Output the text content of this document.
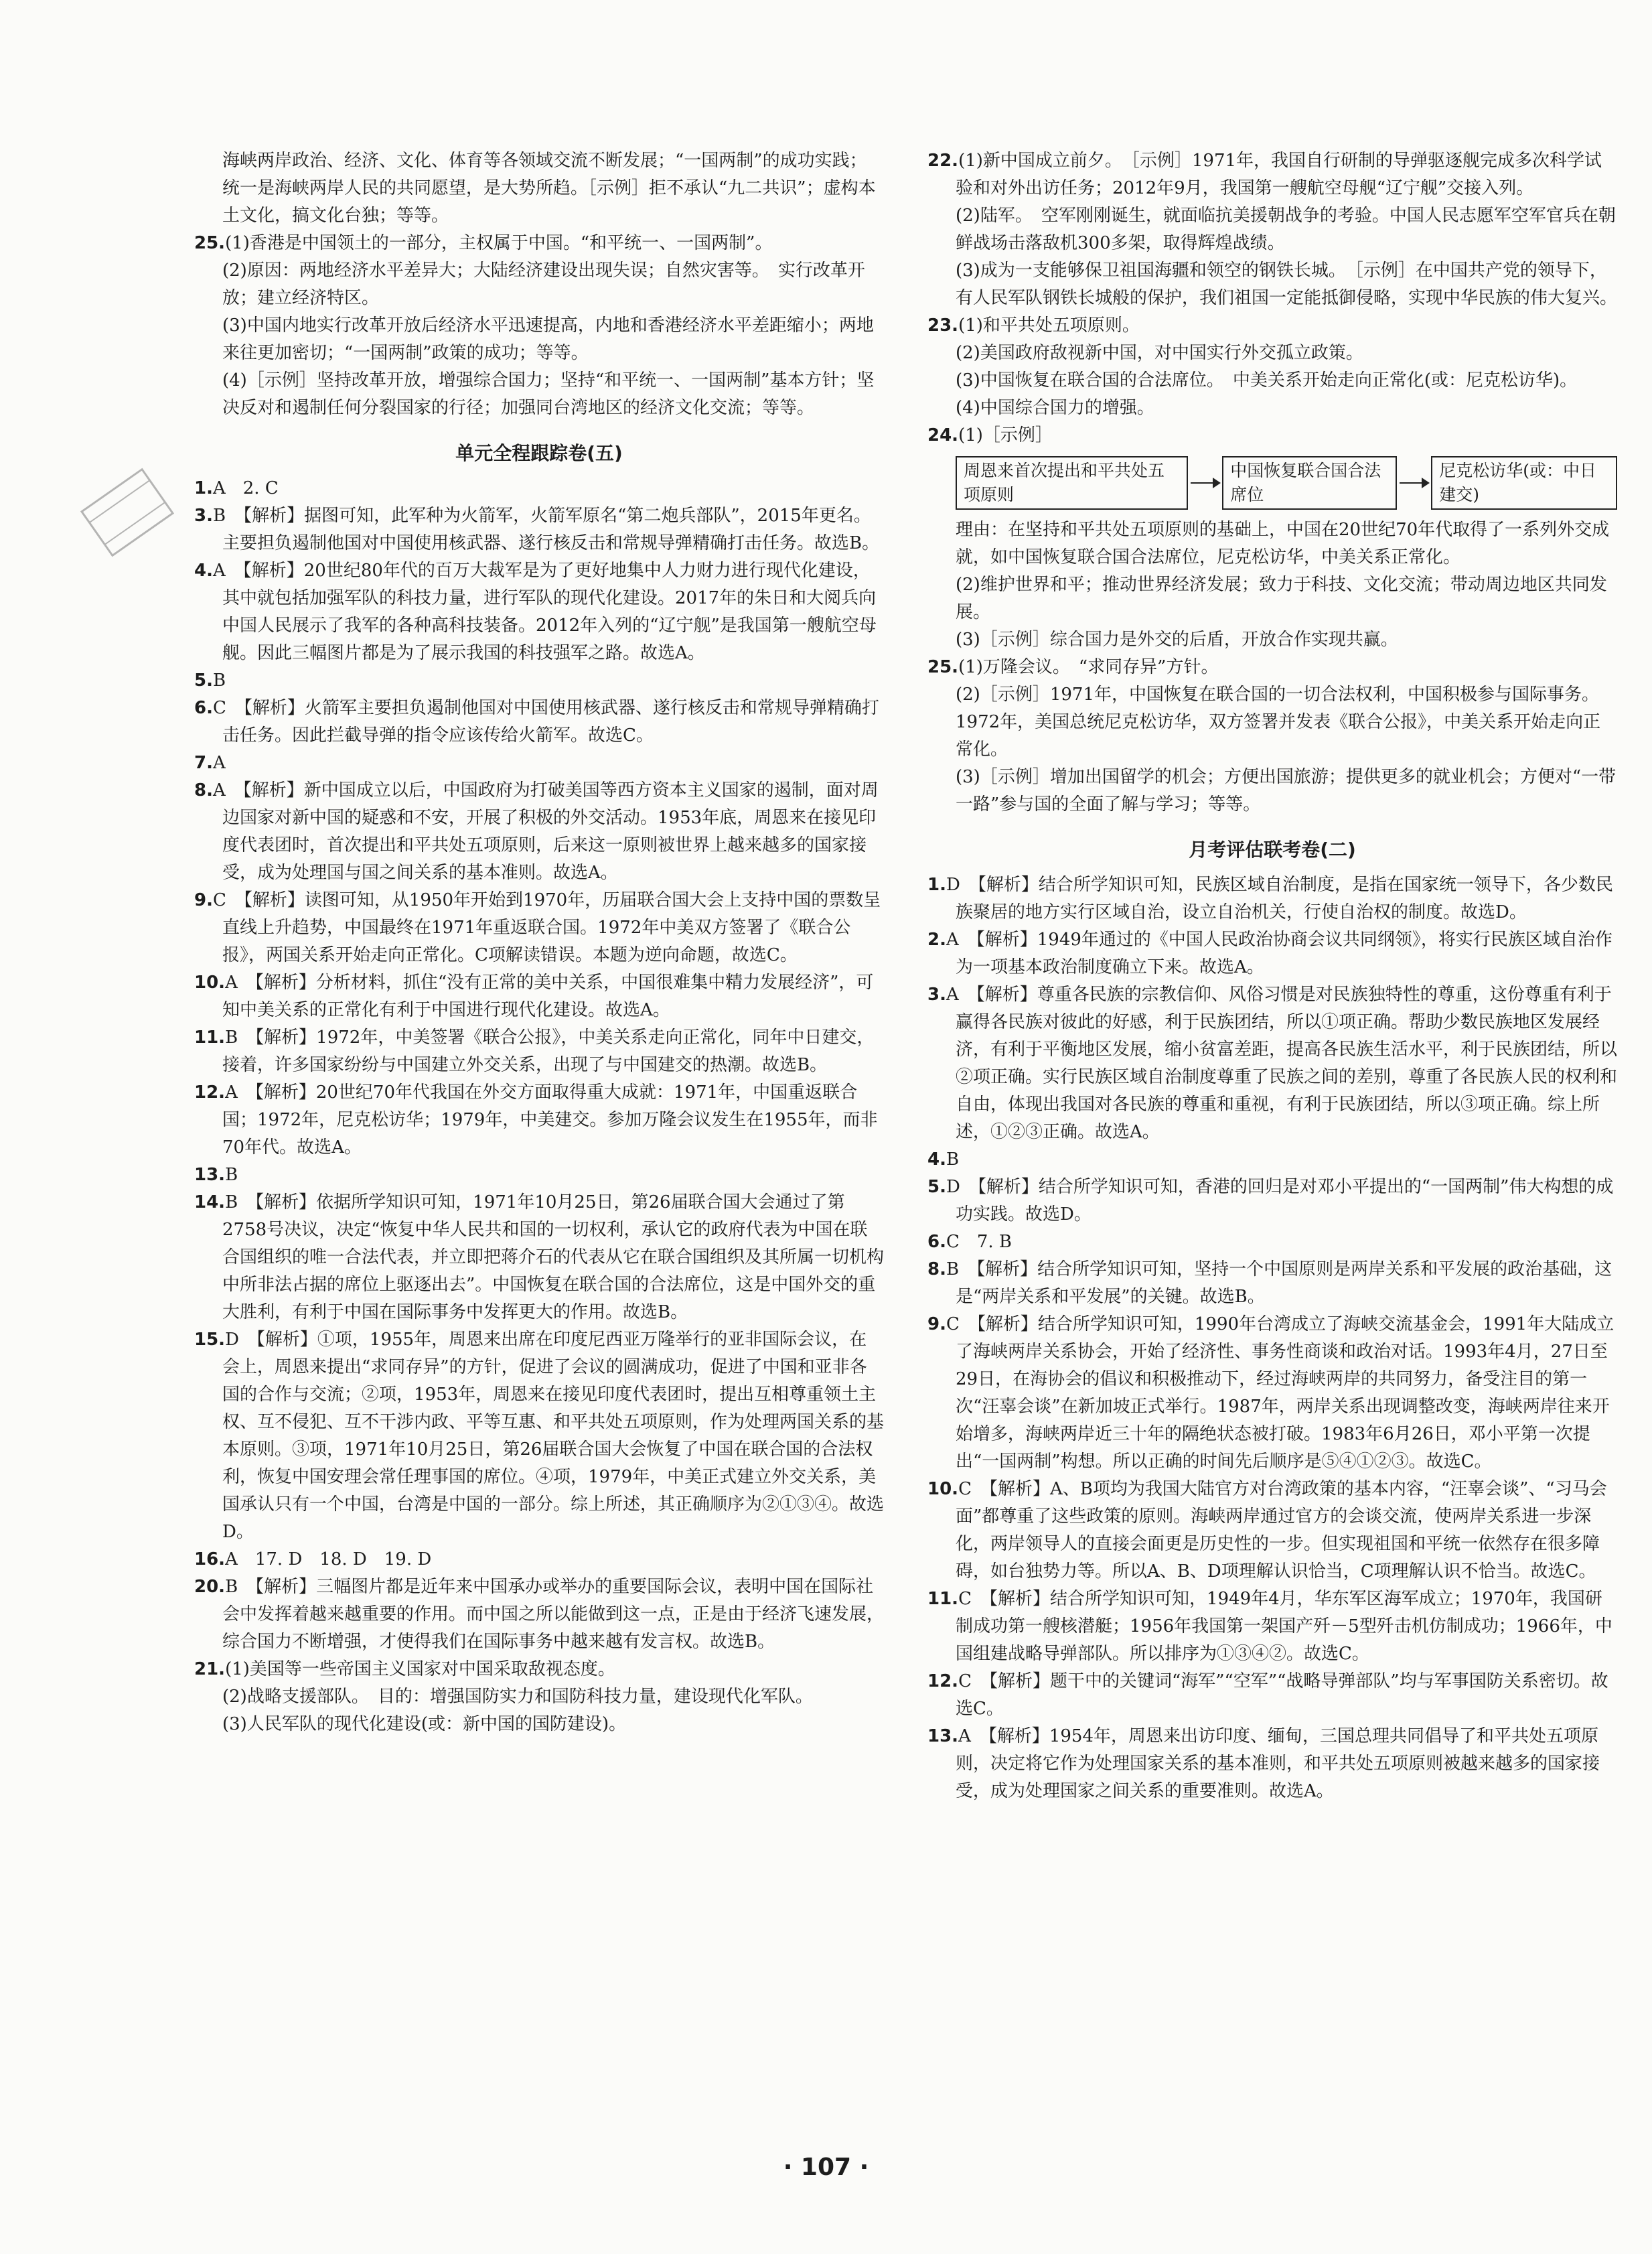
海峡两岸政治、经济、文化、体育等各领域交流不断发展；“一国两制”的成功实践；统一是海峡两岸人民的共同愿望，是大势所趋。［示例］拒不承认“九二共识”；虚构本土文化，搞文化台独；等等。

25.(1)香港是中国领土的一部分，主权属于中国。“和平统一、一国两制”。

(2)原因：两地经济水平差异大；大陆经济建设出现失误；自然灾害等。　实行改革开放；建立经济特区。

(3)中国内地实行改革开放后经济水平迅速提高，内地和香港经济水平差距缩小；两地来往更加密切；“一国两制”政策的成功；等等。

(4)［示例］坚持改革开放，增强综合国力；坚持“和平统一、一国两制”基本方针；坚决反对和遏制任何分裂国家的行径；加强同台湾地区的经济文化交流；等等。

单元全程跟踪卷(五)

1.A　2. C

3.B　【解析】据图可知，此军种为火箭军，火箭军原名“第二炮兵部队”，2015年更名。主要担负遏制他国对中国使用核武器、遂行核反击和常规导弹精确打击任务。故选B。

4.A　【解析】20世纪80年代的百万大裁军是为了更好地集中人力财力进行现代化建设，其中就包括加强军队的科技力量，进行军队的现代化建设。2017年的朱日和大阅兵向中国人民展示了我军的各种高科技装备。2012年入列的“辽宁舰”是我国第一艘航空母舰。因此三幅图片都是为了展示我国的科技强军之路。故选A。

5.B

6.C　【解析】火箭军主要担负遏制他国对中国使用核武器、遂行核反击和常规导弹精确打击任务。因此拦截导弹的指令应该传给火箭军。故选C。

7.A

8.A　【解析】新中国成立以后，中国政府为打破美国等西方资本主义国家的遏制，面对周边国家对新中国的疑惑和不安，开展了积极的外交活动。1953年底，周恩来在接见印度代表团时，首次提出和平共处五项原则，后来这一原则被世界上越来越多的国家接受，成为处理国与国之间关系的基本准则。故选A。

9.C　【解析】读图可知，从1950年开始到1970年，历届联合国大会上支持中国的票数呈直线上升趋势，中国最终在1971年重返联合国。1972年中美双方签署了《联合公报》，两国关系开始走向正常化。C项解读错误。本题为逆向命题，故选C。

10.A　【解析】分析材料，抓住“没有正常的美中关系，中国很难集中精力发展经济”，可知中美关系的正常化有利于中国进行现代化建设。故选A。

11.B　【解析】1972年，中美签署《联合公报》，中美关系走向正常化，同年中日建交，接着，许多国家纷纷与中国建立外交关系，出现了与中国建交的热潮。故选B。

12.A　【解析】20世纪70年代我国在外交方面取得重大成就：1971年，中国重返联合国；1972年，尼克松访华；1979年，中美建交。参加万隆会议发生在1955年，而非70年代。故选A。

13.B

14.B　【解析】依据所学知识可知，1971年10月25日，第26届联合国大会通过了第2758号决议，决定“恢复中华人民共和国的一切权利，承认它的政府代表为中国在联合国组织的唯一合法代表，并立即把蒋介石的代表从它在联合国组织及其所属一切机构中所非法占据的席位上驱逐出去”。中国恢复在联合国的合法席位，这是中国外交的重大胜利，有利于中国在国际事务中发挥更大的作用。故选B。

15.D　【解析】①项，1955年，周恩来出席在印度尼西亚万隆举行的亚非国际会议，在会上，周恩来提出“求同存异”的方针，促进了会议的圆满成功，促进了中国和亚非各国的合作与交流；②项，1953年，周恩来在接见印度代表团时，提出互相尊重领土主权、互不侵犯、互不干涉内政、平等互惠、和平共处五项原则，作为处理两国关系的基本原则。③项，1971年10月25日，第26届联合国大会恢复了中国在联合国的合法权利，恢复中国安理会常任理事国的席位。④项，1979年，中美正式建立外交关系，美国承认只有一个中国，台湾是中国的一部分。综上所述，其正确顺序为②①③④。故选D。

16.A　17. D　18. D　19. D

20.B　【解析】三幅图片都是近年来中国承办或举办的重要国际会议，表明中国在国际社会中发挥着越来越重要的作用。而中国之所以能做到这一点，正是由于经济飞速发展，综合国力不断增强，才使得我们在国际事务中越来越有发言权。故选B。

21.(1)美国等一些帝国主义国家对中国采取敌视态度。

(2)战略支援部队。　目的：增强国防实力和国防科技力量，建设现代化军队。

(3)人民军队的现代化建设(或：新中国的国防建设)。

22.(1)新中国成立前夕。　［示例］1971年，我国自行研制的导弹驱逐舰完成多次科学试验和对外出访任务；2012年9月，我国第一艘航空母舰“辽宁舰”交接入列。

(2)陆军。　空军刚刚诞生，就面临抗美援朝战争的考验。中国人民志愿军空军官兵在朝鲜战场击落敌机300多架，取得辉煌战绩。

(3)成为一支能够保卫祖国海疆和领空的钢铁长城。　［示例］在中国共产党的领导下，有人民军队钢铁长城般的保护，我们祖国一定能抵御侵略，实现中华民族的伟大复兴。

23.(1)和平共处五项原则。

(2)美国政府敌视新中国，对中国实行外交孤立政策。

(3)中国恢复在联合国的合法席位。　中美关系开始走向正常化(或：尼克松访华)。

(4)中国综合国力的增强。

24.(1)［示例］

周恩来首次提出和平共处五项原则
中国恢复联合国合法席位
尼克松访华(或：中日建交)

理由：在坚持和平共处五项原则的基础上，中国在20世纪70年代取得了一系列外交成就，如中国恢复联合国合法席位，尼克松访华，中美关系正常化。

(2)维护世界和平；推动世界经济发展；致力于科技、文化交流；带动周边地区共同发展。

(3)［示例］综合国力是外交的后盾，开放合作实现共赢。

25.(1)万隆会议。　“求同存异”方针。

(2)［示例］1971年，中国恢复在联合国的一切合法权利，中国积极参与国际事务。1972年，美国总统尼克松访华，双方签署并发表《联合公报》，中美关系开始走向正常化。

(3)［示例］增加出国留学的机会；方便出国旅游；提供更多的就业机会；方便对“一带一路”参与国的全面了解与学习；等等。

月考评估联考卷(二)

1.D　【解析】结合所学知识可知，民族区域自治制度，是指在国家统一领导下，各少数民族聚居的地方实行区域自治，设立自治机关，行使自治权的制度。故选D。

2.A　【解析】1949年通过的《中国人民政治协商会议共同纲领》，将实行民族区域自治作为一项基本政治制度确立下来。故选A。

3.A　【解析】尊重各民族的宗教信仰、风俗习惯是对民族独特性的尊重，这份尊重有利于赢得各民族对彼此的好感，利于民族团结，所以①项正确。帮助少数民族地区发展经济，有利于平衡地区发展，缩小贫富差距，提高各民族生活水平，利于民族团结，所以②项正确。实行民族区域自治制度尊重了民族之间的差别，尊重了各民族人民的权利和自由，体现出我国对各民族的尊重和重视，有利于民族团结，所以③项正确。综上所述，①②③正确。故选A。

4.B

5.D　【解析】结合所学知识可知，香港的回归是对邓小平提出的“一国两制”伟大构想的成功实践。故选D。

6.C　7. B

8.B　【解析】结合所学知识可知，坚持一个中国原则是两岸关系和平发展的政治基础，这是“两岸关系和平发展”的关键。故选B。

9.C　【解析】结合所学知识可知，1990年台湾成立了海峡交流基金会，1991年大陆成立了海峡两岸关系协会，开始了经济性、事务性商谈和政治对话。1993年4月，27日至29日，在海协会的倡议和积极推动下，经过海峡两岸的共同努力，备受注目的第一次“汪辜会谈”在新加坡正式举行。1987年，两岸关系出现调整改变，海峡两岸往来开始增多，海峡两岸近三十年的隔绝状态被打破。1983年6月26日，邓小平第一次提出“一国两制”构想。所以正确的时间先后顺序是⑤④①②③。故选C。

10.C　【解析】A、B项均为我国大陆官方对台湾政策的基本内容，“汪辜会谈”、“习马会面”都尊重了这些政策的原则。海峡两岸通过官方的会谈交流，使两岸关系进一步深化，两岸领导人的直接会面更是历史性的一步。但实现祖国和平统一依然存在很多障碍，如台独势力等。所以A、B、D项理解认识恰当，C项理解认识不恰当。故选C。

11.C　【解析】结合所学知识可知，1949年4月，华东军区海军成立；1970年，我国研制成功第一艘核潜艇；1956年我国第一架国产歼－5型歼击机仿制成功；1966年，中国组建战略导弹部队。所以排序为①③④②。故选C。

12.C　【解析】题干中的关键词“海军”“空军”“战略导弹部队”均与军事国防关系密切。故选C。

13.A　【解析】1954年，周恩来出访印度、缅甸，三国总理共同倡导了和平共处五项原则，决定将它作为处理国家关系的基本准则，和平共处五项原则被越来越多的国家接受，成为处理国家之间关系的重要准则。故选A。

· 107 ·
